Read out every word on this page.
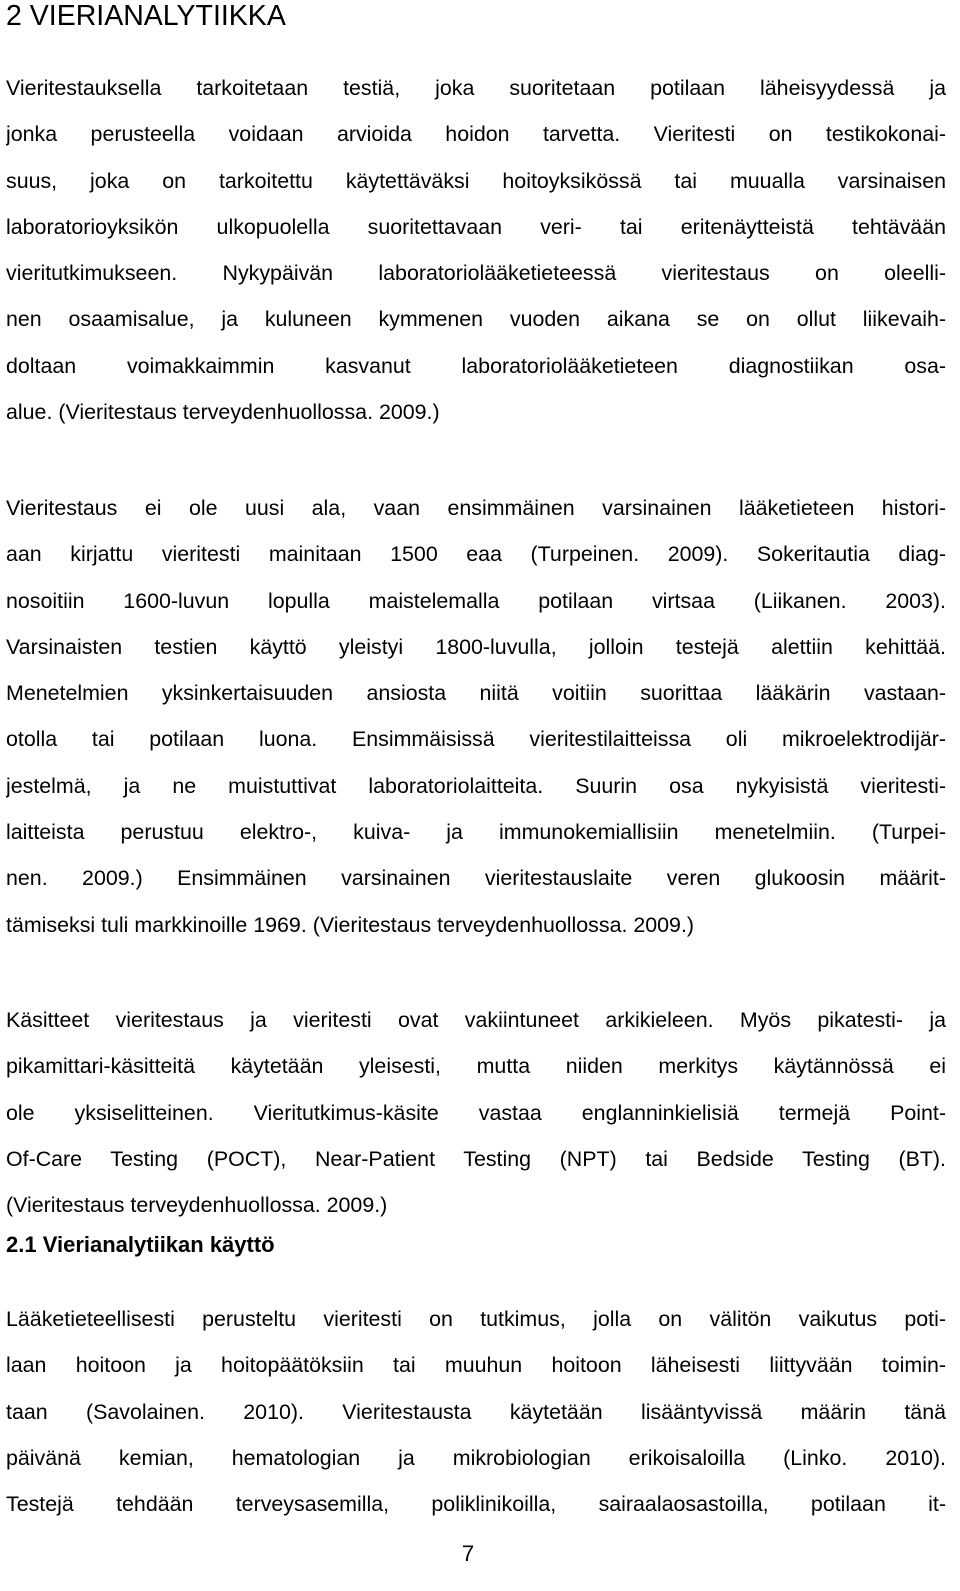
2 VIERIANALYTIIKKA
Vieritestauksella tarkoitetaan testiä, joka suoritetaan potilaan läheisyydessä ja
jonka perusteella voidaan arvioida hoidon tarvetta. Vieritesti on testikokonai-
suus, joka on tarkoitettu käytettäväksi hoitoyksikössä tai muualla varsinaisen
laboratorioyksikön ulkopuolella suoritettavaan veri- tai eritenäytteistä tehtävään
vieritutkimukseen. Nykypäivän laboratoriolääketieteessä vieritestaus on oleelli-
nen osaamisalue, ja kuluneen kymmenen vuoden aikana se on ollut liikevaih-
doltaan voimakkaimmin kasvanut laboratoriolääketieteen diagnostiikan osa-
alue. (Vieritestaus terveydenhuollossa. 2009.)
Vieritestaus ei ole uusi ala, vaan ensimmäinen varsinainen lääketieteen histori-
aan kirjattu vieritesti mainitaan 1500 eaa (Turpeinen. 2009). Sokeritautia diag-
nosoitiin 1600-luvun lopulla maistelemalla potilaan virtsaa (Liikanen. 2003).
Varsinaisten testien käyttö yleistyi 1800-luvulla, jolloin testejä alettiin kehittää.
Menetelmien yksinkertaisuuden ansiosta niitä voitiin suorittaa lääkärin vastaan-
otolla tai potilaan luona. Ensimmäisissä vieritestilaitteissa oli mikroelektrodijär-
jestelmä, ja ne muistuttivat laboratoriolaitteita. Suurin osa nykyisistä vieritesti-
laitteista perustuu elektro-, kuiva- ja immunokemiallisiin menetelmiin. (Turpei-
nen. 2009.) Ensimmäinen varsinainen vieritestauslaite veren glukoosin määrit-
tämiseksi tuli markkinoille 1969. (Vieritestaus terveydenhuollossa. 2009.)
Käsitteet vieritestaus ja vieritesti ovat vakiintuneet arkikieleen. Myös pikatesti- ja
pikamittari-käsitteitä käytetään yleisesti, mutta niiden merkitys käytännössä ei
ole yksiselitteinen. Vieritutkimus-käsite vastaa englanninkielisiä termejä Point-
Of-Care Testing (POCT), Near-Patient Testing (NPT) tai Bedside Testing (BT).
(Vieritestaus terveydenhuollossa. 2009.)
2.1 Vierianalytiikan käyttö
Lääketieteellisesti perusteltu vieritesti on tutkimus, jolla on välitön vaikutus poti-
laan hoitoon ja hoitopäätöksiin tai muuhun hoitoon läheisesti liittyvään toimin-
taan (Savolainen. 2010). Vieritestausta käytetään lisääntyvissä määrin tänä
päivänä kemian, hematologian ja mikrobiologian erikoisaloilla (Linko. 2010).
Testejä tehdään terveysasemilla, poliklinikoilla, sairaalaosastoilla, potilaan it-
7
